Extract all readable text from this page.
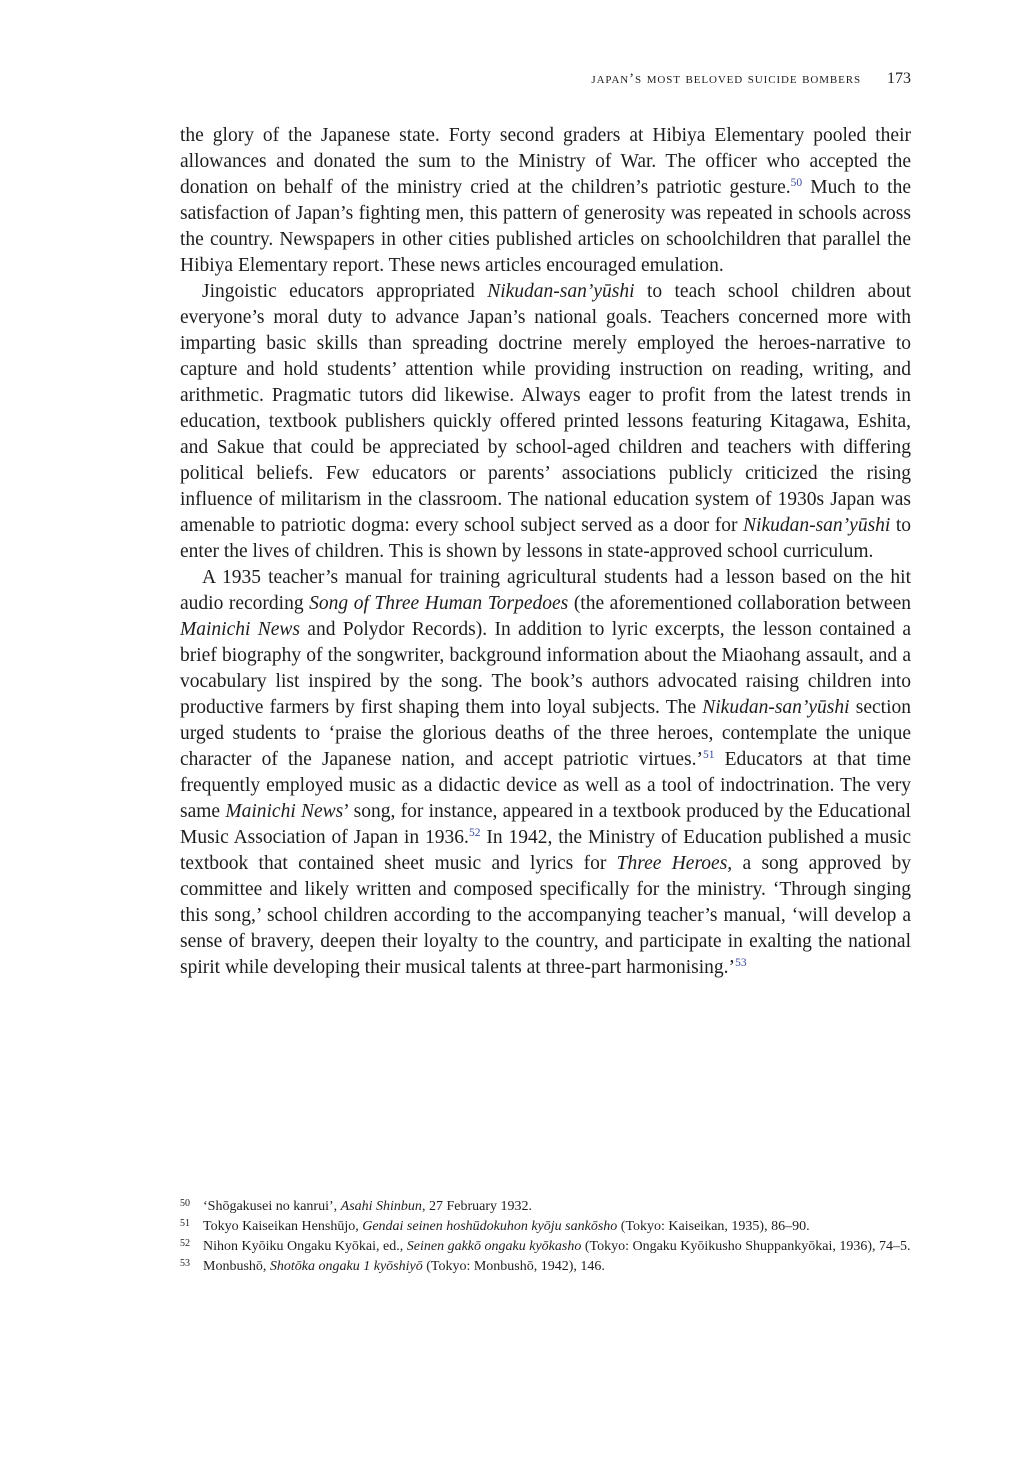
japan’s most beloved suicide bombers 173

the glory of the Japanese state. Forty second graders at Hibiya Elementary pooled their allowances and donated the sum to the Ministry of War. The officer who accepted the donation on behalf of the ministry cried at the children’s patriotic gesture.$^{50}$ Much to the satisfaction of Japan’s fighting men, this pattern of generosity was repeated in schools across the country. Newspapers in other cities published articles on schoolchildren that parallel the Hibiya Elementary report. These news articles encouraged emulation.

Jingoistic educators appropriated Nikudan-san’yūshi to teach school children about everyone’s moral duty to advance Japan’s national goals. Teachers concerned more with imparting basic skills than spreading doctrine merely employed the heroes-narrative to capture and hold students’ attention while providing instruction on reading, writing, and arithmetic. Pragmatic tutors did likewise. Always eager to profit from the latest trends in education, textbook publishers quickly offered printed lessons featuring Kitagawa, Eshita, and Sakue that could be appreciated by school-aged children and teachers with differing political beliefs. Few educators or parents’ associations publicly criticized the rising influence of militarism in the classroom. The national education system of 1930s Japan was amenable to patriotic dogma: every school subject served as a door for Nikudan-san’yūshi to enter the lives of children. This is shown by lessons in state-approved school curriculum.

A 1935 teacher’s manual for training agricultural students had a lesson based on the hit audio recording Song of Three Human Torpedoes (the aforementioned collaboration between Mainichi News and Polydor Records). In addition to lyric excerpts, the lesson contained a brief biography of the songwriter, background information about the Miaohang assault, and a vocabulary list inspired by the song. The book’s authors advocated raising children into productive farmers by first shaping them into loyal subjects. The Nikudan-san’yūshi section urged students to ‘praise the glorious deaths of the three heroes, contemplate the unique character of the Japanese nation, and accept patriotic virtues.’$^{51}$ Educators at that time frequently employed music as a didactic device as well as a tool of indoctrination. The very same Mainichi News’ song, for instance, appeared in a textbook produced by the Educational Music Association of Japan in 1936.52 In 1942, the Ministry of Education published a music textbook that contained sheet music and lyrics for Three Heroes, a song approved by committee and likely written and composed specifically for the ministry. ‘Through singing this song,’ school children according to the accompanying teacher’s manual, ‘will develop a sense of bravery, deepen their loyalty to the country, and participate in exalting the national spirit while developing their musical talents at three-part harmonising.’$^{53}$

50 ‘Shōgakusei no kanrui’, Asahi Shinbun, 27 February 1932.

51 Tokyo Kaiseikan Henshūjo, Gendai seinen hoshūdokuhon kyōju sankōsho (Tokyo: Kaiseikan, 1935), 86–90.

52 Nihon Kyōiku Ongaku Kyōkai, ed., Seinen gakkō ongaku kyōkasho (Tokyo: Ongaku Kyōikusho Shuppankyōkai, 1936), 74–5.

53 Monbushō, Shotōka ongaku 1 kyōshiyō (Tokyo: Monbushō, 1942), 146.
